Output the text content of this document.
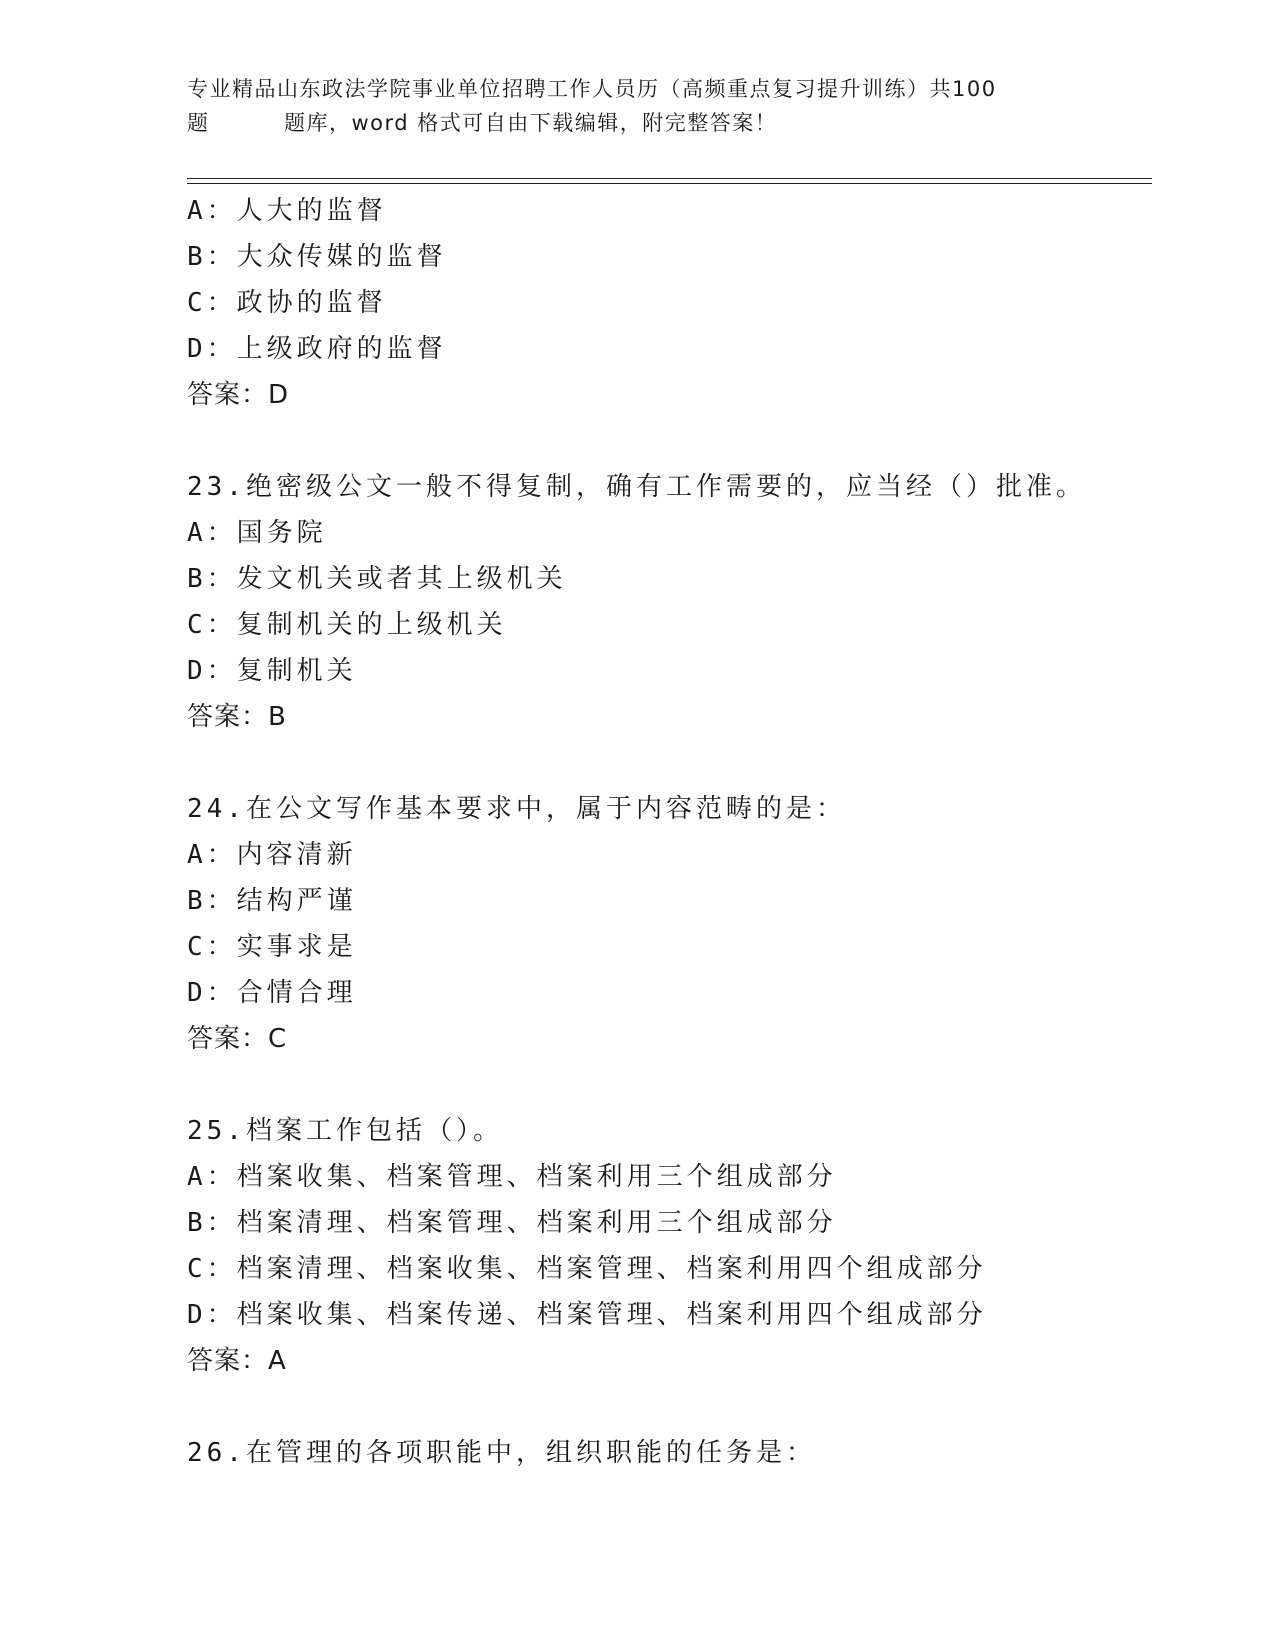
专业精品山东政法学院事业单位招聘工作人员历（高频重点复习提升训练）共100
题	题库，word 格式可自由下载编辑，附完整答案！
A：人大的监督
B：大众传媒的监督
C：政协的监督
D：上级政府的监督
答案：D
23.绝密级公文一般不得复制，确有工作需要的，应当经（）批准。
A：国务院
B：发文机关或者其上级机关
C：复制机关的上级机关
D：复制机关
答案：B
24.在公文写作基本要求中，属于内容范畴的是：
A：内容清新
B：结构严谨
C：实事求是
D：合情合理
答案：C
25.档案工作包括（）。
A：档案收集、档案管理、档案利用三个组成部分
B：档案清理、档案管理、档案利用三个组成部分
C：档案清理、档案收集、档案管理、档案利用四个组成部分
D：档案收集、档案传递、档案管理、档案利用四个组成部分
答案：A
26.在管理的各项职能中，组织职能的任务是：
